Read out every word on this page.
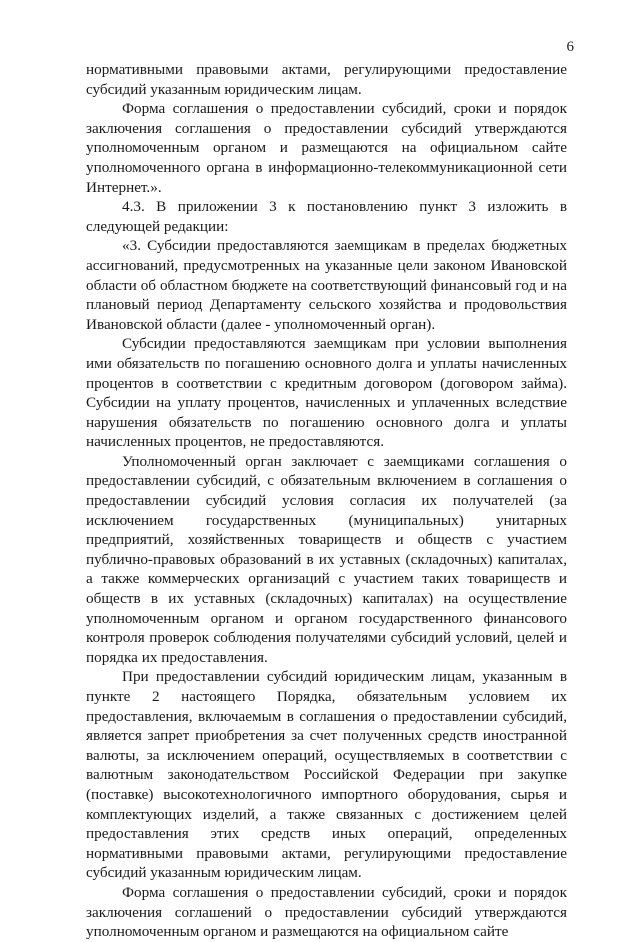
6

нормативными правовыми актами, регулирующими предоставление субсидий указанным юридическим лицам.

Форма соглашения о предоставлении субсидий, сроки и порядок заключения соглашения о предоставлении субсидий утверждаются уполномоченным органом и размещаются на официальном сайте уполномоченного органа в информационно-телекоммуникационной сети Интернет.».

4.3. В приложении 3 к постановлению пункт 3 изложить в следующей редакции:

«3. Субсидии предоставляются заемщикам в пределах бюджетных ассигнований, предусмотренных на указанные цели законом Ивановской области об областном бюджете на соответствующий финансовый год и на плановый период Департаменту сельского хозяйства и продовольствия Ивановской области (далее - уполномоченный орган).

Субсидии предоставляются заемщикам при условии выполнения ими обязательств по погашению основного долга и уплаты начисленных процентов в соответствии с кредитным договором (договором займа). Субсидии на уплату процентов, начисленных и уплаченных вследствие нарушения обязательств по погашению основного долга и уплаты начисленных процентов, не предоставляются.

Уполномоченный орган заключает с заемщиками соглашения о предоставлении субсидий, с обязательным включением в соглашения о предоставлении субсидий условия согласия их получателей (за исключением государственных (муниципальных) унитарных предприятий, хозяйственных товариществ и обществ с участием публично-правовых образований в их уставных (складочных) капиталах, а также коммерческих организаций с участием таких товариществ и обществ в их уставных (складочных) капиталах) на осуществление уполномоченным органом и органом государственного финансового контроля проверок соблюдения получателями субсидий условий, целей и порядка их предоставления.

При предоставлении субсидий юридическим лицам, указанным в пункте 2 настоящего Порядка, обязательным условием их предоставления, включаемым в соглашения о предоставлении субсидий, является запрет приобретения за счет полученных средств иностранной валюты, за исключением операций, осуществляемых в соответствии с валютным законодательством Российской Федерации при закупке (поставке) высокотехнологичного импортного оборудования, сырья и комплектующих изделий, а также связанных с достижением целей предоставления этих средств иных операций, определенных нормативными правовыми актами, регулирующими предоставление субсидий указанным юридическим лицам.

Форма соглашения о предоставлении субсидий, сроки и порядок заключения соглашений о предоставлении субсидий утверждаются уполномоченным органом и размещаются на официальном сайте
